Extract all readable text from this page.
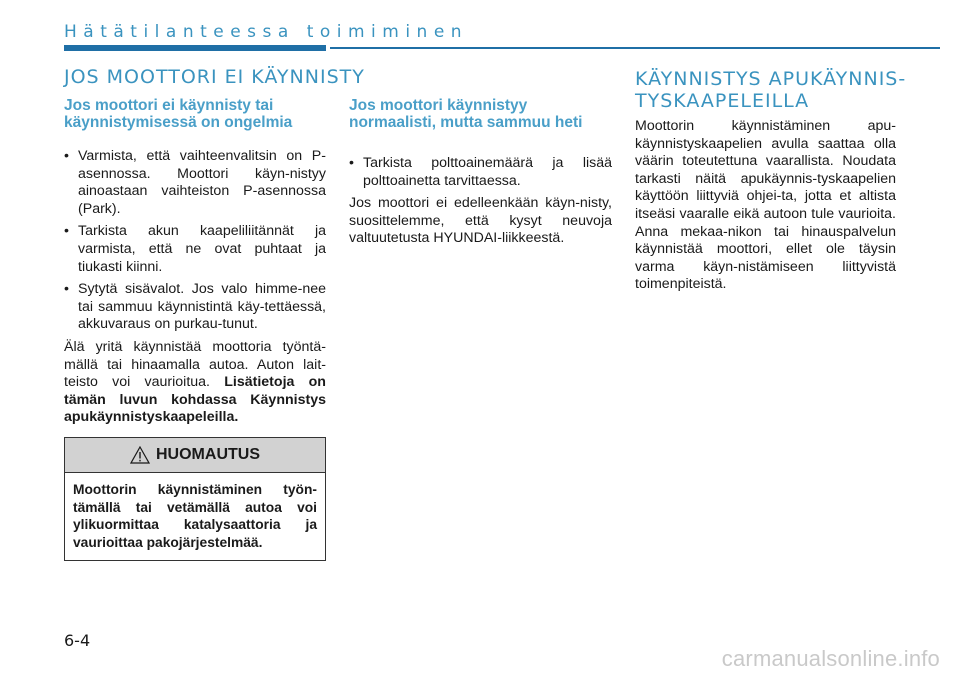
Hätätilanteessa toimiminen
JOS MOOTTORI EI KÄYNNISTY
Jos moottori ei käynnisty tai käynnistymisessä on ongelmia
• Varmista, että vaihteenvalitsin on P-asennossa. Moottori käyn-nistyy ainoastaan vaihteiston P-asennossa (Park).
• Tarkista akun kaapeliliitännät ja varmista, että ne ovat puhtaat ja tiukasti kiinni.
• Sytytä sisävalot. Jos valo himme-nee tai sammuu käynnistintä käy-tettäessä, akkuvaraus on purkau-tunut.

Älä yritä käynnistää moottoria työntä-mällä tai hinaamalla autoa. Auton lait-teisto voi vaurioitua. Lisätietoja on tämän luvun kohdassa Käynnistys apukäynnistyskaapeleilla.

HUOMAUTUS
Moottorin käynnistäminen työn-tämällä tai vetämällä autoa voi ylikuormittaa katalysaattoria ja vaurioittaa pakojärjestelmää.
Jos moottori käynnistyy normaalisti, mutta sammuu heti
• Tarkista polttoainemäärä ja lisää polttoainetta tarvittaessa.

Jos moottori ei edelleenkään käyn-nisty, suosittelemme, että kysyt neuvoja valtuutetusta HYUNDAI-liikkeestä.

KÄYNNISTYS APUKÄYNNIS-
TYSKAAPELEILLA
Moottorin käynnistäminen apu-käynnistyskaapelien avulla saattaa olla väärin toteutettuna vaarallista. Noudata tarkasti näitä apukäynnis-tyskaapelien käyttöön liittyviä ohjei-ta, jotta et altista itseäsi vaaralle eikä autoon tule vaurioita. Anna mekaa-nikon tai hinauspalvelun käynnistää moottori, ellet ole täysin varma käyn-nistämiseen liittyvistä toimenpiteistä.
6-4
carmanualsonline.info
